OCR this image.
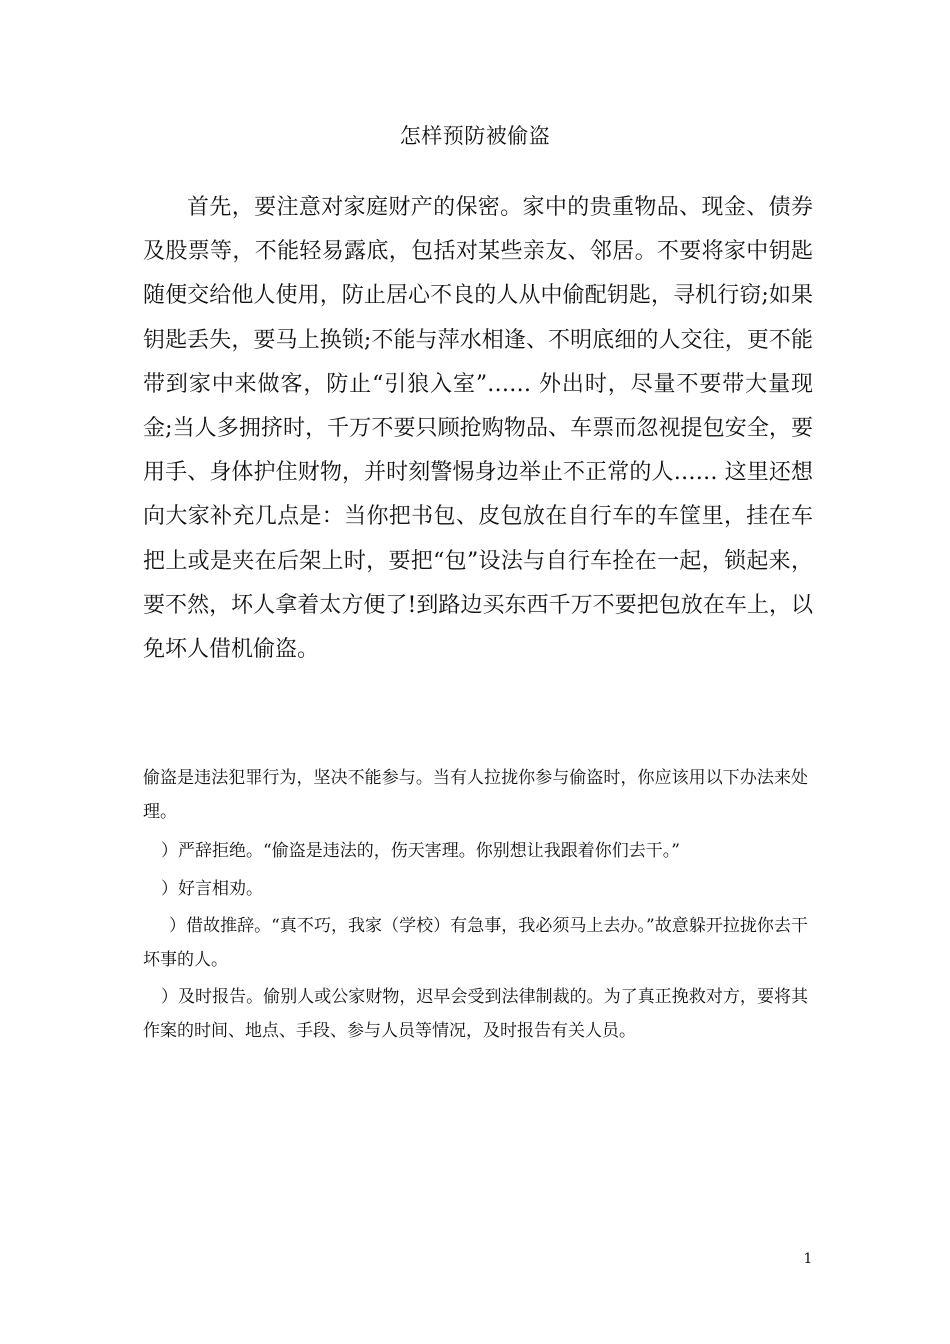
怎样预防被偷盗

首先，要注意对家庭财产的保密。家中的贵重物品、现金、债券及股票等，不能轻易露底，包括对某些亲友、邻居。不要将家中钥匙随便交给他人使用，防止居心不良的人从中偷配钥匙，寻机行窃;如果钥匙丢失，要马上换锁;不能与萍水相逢、不明底细的人交往，更不能带到家中来做客，防止“引狼入室”…… 外出时，尽量不要带大量现金;当人多拥挤时，千万不要只顾抢购物品、车票而忽视提包安全，要用手、身体护住财物，并时刻警惕身边举止不正常的人…… 这里还想向大家补充几点是：当你把书包、皮包放在自行车的车筐里，挂在车把上或是夹在后架上时，要把“包”设法与自行车拴在一起，锁起来，要不然，坏人拿着太方便了!到路边买东西千万不要把包放在车上，以免坏人借机偷盗。

偷盗是违法犯罪行为，坚决不能参与。当有人拉拢你参与偷盗时，你应该用以下办法来处理。

）严辞拒绝。“偷盗是违法的，伤天害理。你别想让我跟着你们去干。”

）好言相劝。

）借故推辞。“真不巧，我家（学校）有急事，我必须马上去办。”故意躲开拉拢你去干坏事的人。

）及时报告。偷别人或公家财物，迟早会受到法律制裁的。为了真正挽救对方，要将其作案的时间、地点、手段、参与人员等情况，及时报告有关人员。

1
